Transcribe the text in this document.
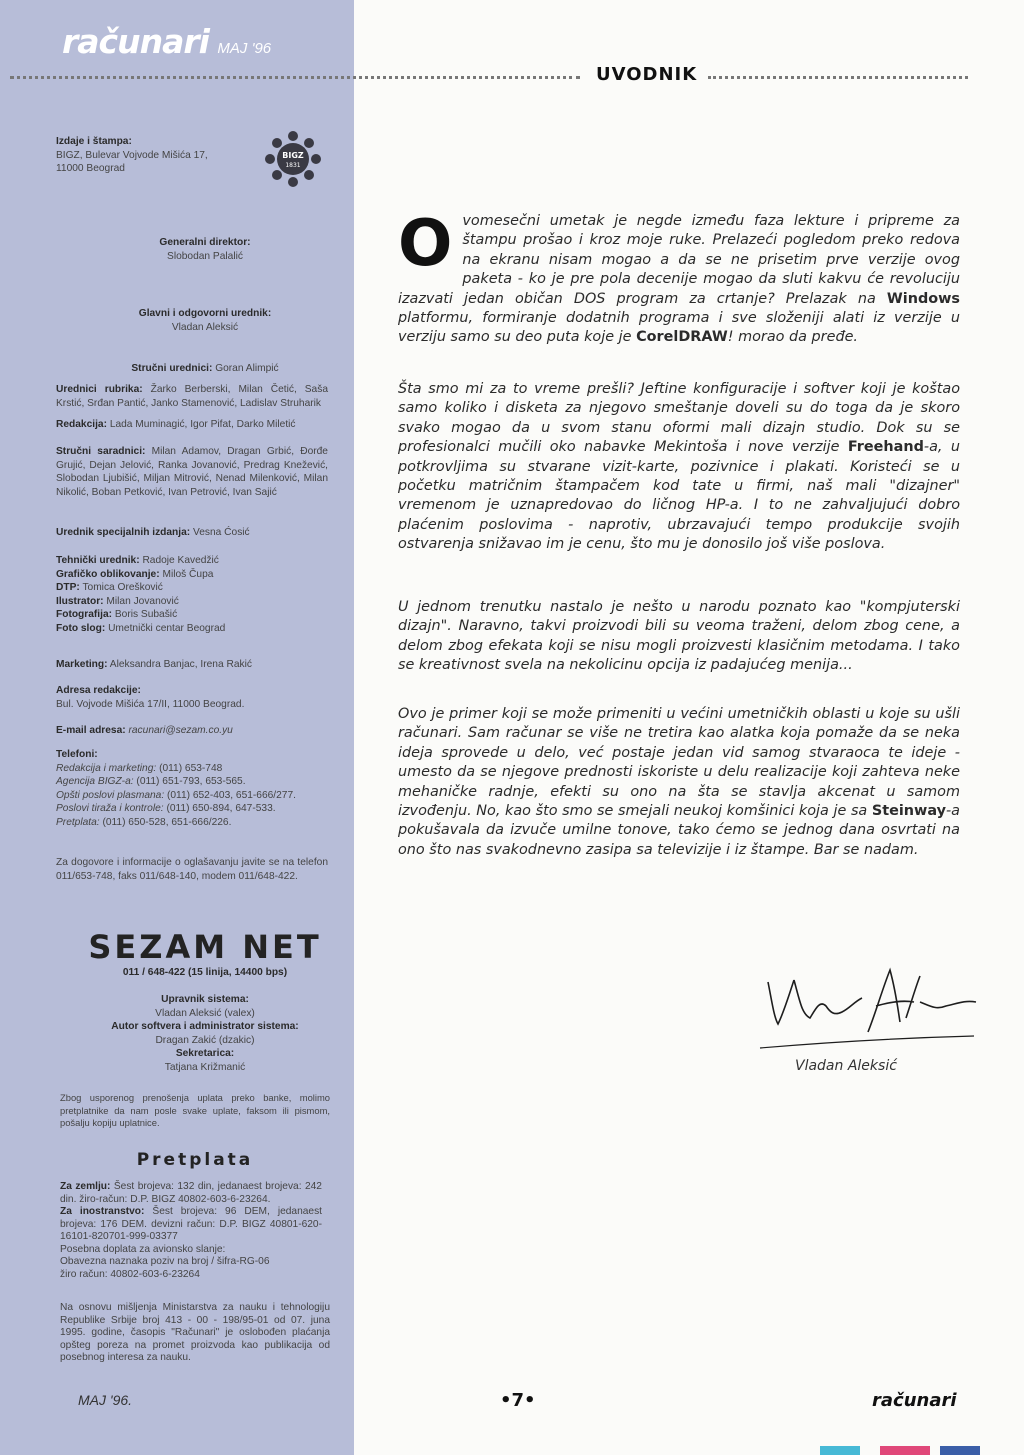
računari MAJ '96
UVODNIK
Izdaje i štampa:
BIGZ, Bulevar Vojvode Mišića 17,
11000 Beograd
BIGZ
1831
Generalni direktor:
Slobodan Palalić
Glavni i odgovorni urednik:
Vladan Aleksić
Stručni urednici: Goran Alimpić
Urednici rubrika: Žarko Berberski, Milan Četić, Saša Krstić, Srđan Pantić, Janko Stamenović, Ladislav Struharik
Redakcija: Lada Muminagić, Igor Pifat, Darko Miletić
Stručni saradnici: Milan Adamov, Dragan Grbić, Đorđe Grujić, Dejan Jelović, Ranka Jovanović, Predrag Knežević, Slobodan Ljubišić, Miljan Mitrović, Nenad Milenković, Milan Nikolić, Boban Petković, Ivan Petrović, Ivan Sajić
Urednik specijalnih izdanja: Vesna Ćosić
Tehnički urednik: Radoje Kavedžić
Grafičko oblikovanje: Miloš Čupa
DTP: Tomica Orešković
Ilustrator: Milan Jovanović
Fotografija: Boris Subašić
Foto slog: Umetnički centar Beograd
Marketing: Aleksandra Banjac, Irena Rakić
Adresa redakcije:
Bul. Vojvode Mišića 17/II, 11000 Beograd.
E-mail adresa: racunari@sezam.co.yu
Telefoni:
Redakcija i marketing: (011) 653-748
Agencija BIGZ-a: (011) 651-793, 653-565.
Opšti poslovi plasmana: (011) 652-403, 651-666/277.
Poslovi tiraža i kontrole: (011) 650-894, 647-533.
Pretplata: (011) 650-528, 651-666/226.
Za dogovore i informacije o oglašavanju javite se na telefon 011/653-748, faks 011/648-140, modem 011/648-422.
SEZAM NET
011 / 648-422 (15 linija, 14400 bps)
Upravnik sistema:
Vladan Aleksić (valex)
Autor softvera i administrator sistema:
Dragan Zakić (dzakic)
Sekretarica:
Tatjana Križmanić
Zbog usporenog prenošenja uplata preko banke, molimo pretplatnike da nam posle svake uplate, faksom ili pismom, pošalju kopiju uplatnice.
Pretplata
Za zemlju: Šest brojeva: 132 din, jedanaest brojeva: 242 din. žiro-račun: D.P. BIGZ 40802-603-6-23264.
Za inostranstvo: Šest brojeva: 96 DEM, jedanaest brojeva: 176 DEM. devizni račun: D.P. BIGZ 40801-620-16101-820701-999-03377
Posebna doplata za avionsko slanje:
Obavezna naznaka poziv na broj / šifra-RG-06
žiro račun: 40802-603-6-23264
Na osnovu mišljenja Ministarstva za nauku i tehnologiju Republike Srbije broj 413 - 00 - 198/95-01 od 07. juna 1995. godine, časopis "Računari" je oslobođen plaćanja opšteg poreza na promet proizvoda kao publikacija od posebnog interesa za nauku.
MAJ '96.
Ovomesečni umetak je negde između faza lekture i pripreme za štampu prošao i kroz moje ruke. Prelazeći pogledom preko redova na ekranu nisam mogao a da se ne prisetim prve verzije ovog paketa - ko je pre pola decenije mogao da sluti kakvu će revoluciju izazvati jedan običan DOS program za crtanje? Prelazak na Windows platformu, formiranje dodatnih programa i sve složeniji alati iz verzije u verziju samo su deo puta koje je CorelDRAW! morao da pređe.
Šta smo mi za to vreme prešli? Jeftine konfiguracije i softver koji je koštao samo koliko i disketa za njegovo smeštanje doveli su do toga da je skoro svako mogao da u svom stanu oformi mali dizajn studio. Dok su se profesionalci mučili oko nabavke Mekintoša i nove verzije Freehand-a, u potkrovljima su stvarane vizit-karte, pozivnice i plakati. Koristeći se u početku matričnim štampačem kod tate u firmi, naš mali "dizajner" vremenom je uznapredovao do ličnog HP-a. I to ne zahvaljujući dobro plaćenim poslovima - naprotiv, ubrzavajući tempo produkcije svojih ostvarenja snižavao im je cenu, što mu je donosilo još više poslova.
U jednom trenutku nastalo je nešto u narodu poznato kao "kompjuterski dizajn". Naravno, takvi proizvodi bili su veoma traženi, delom zbog cene, a delom zbog efekata koji se nisu mogli proizvesti klasičnim metodama. I tako se kreativnost svela na nekolicinu opcija iz padajućeg menija...
Ovo je primer koji se može primeniti u većini umetničkih oblasti u koje su ušli računari. Sam računar se više ne tretira kao alatka koja pomaže da se neka ideja sprovede u delo, već postaje jedan vid samog stvaraoca te ideje - umesto da se njegove prednosti iskoriste u delu realizacije koji zahteva neke mehaničke radnje, efekti su ono na šta se stavlja akcenat u samom izvođenju. No, kao što smo se smejali neukoj komšinici koja je sa Steinway-a pokušavala da izvuče umilne tonove, tako ćemo se jednog dana osvrtati na ono što nas svakodnevno zasipa sa televizije i iz štampe. Bar se nadam.
Vladan Aleksić
•7•	računari
